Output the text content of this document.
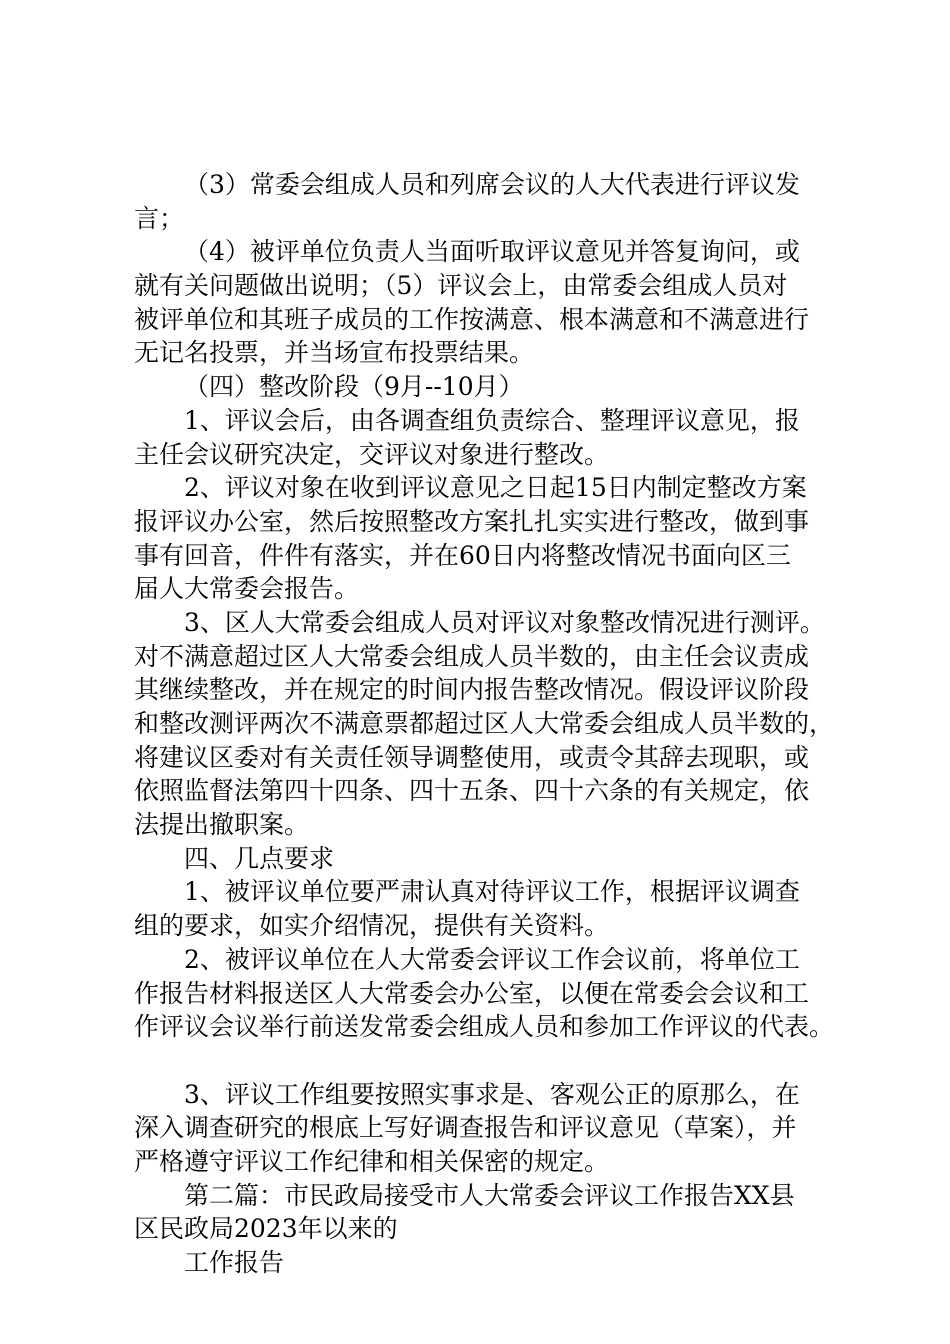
（3）常委会组成人员和列席会议的人大代表进行评议发
言；
（4）被评单位负责人当面听取评议意见并答复询问，或
就有关问题做出说明；（5）评议会上，由常委会组成人员对
被评单位和其班子成员的工作按满意、根本满意和不满意进行
无记名投票，并当场宣布投票结果。
（四）整改阶段（9月--10月）
1、评议会后，由各调查组负责综合、整理评议意见，报
主任会议研究决定，交评议对象进行整改。
2、评议对象在收到评议意见之日起15日内制定整改方案
报评议办公室，然后按照整改方案扎扎实实进行整改，做到事
事有回音，件件有落实，并在60日内将整改情况书面向区三
届人大常委会报告。
3、区人大常委会组成人员对评议对象整改情况进行测评。
对不满意超过区人大常委会组成人员半数的，由主任会议责成
其继续整改，并在规定的时间内报告整改情况。假设评议阶段
和整改测评两次不满意票都超过区人大常委会组成人员半数的，
将建议区委对有关责任领导调整使用，或责令其辞去现职，或
依照监督法第四十四条、四十五条、四十六条的有关规定，依
法提出撤职案。
四、几点要求
1、被评议单位要严肃认真对待评议工作，根据评议调查
组的要求，如实介绍情况，提供有关资料。
2、被评议单位在人大常委会评议工作会议前，将单位工
作报告材料报送区人大常委会办公室，以便在常委会会议和工
作评议会议举行前送发常委会组成人员和参加工作评议的代表。
3、评议工作组要按照实事求是、客观公正的原那么，在
深入调查研究的根底上写好调查报告和评议意见（草案），并
严格遵守评议工作纪律和相关保密的规定。
第二篇：市民政局接受市人大常委会评议工作报告XX县
区民政局2023年以来的
工作报告
